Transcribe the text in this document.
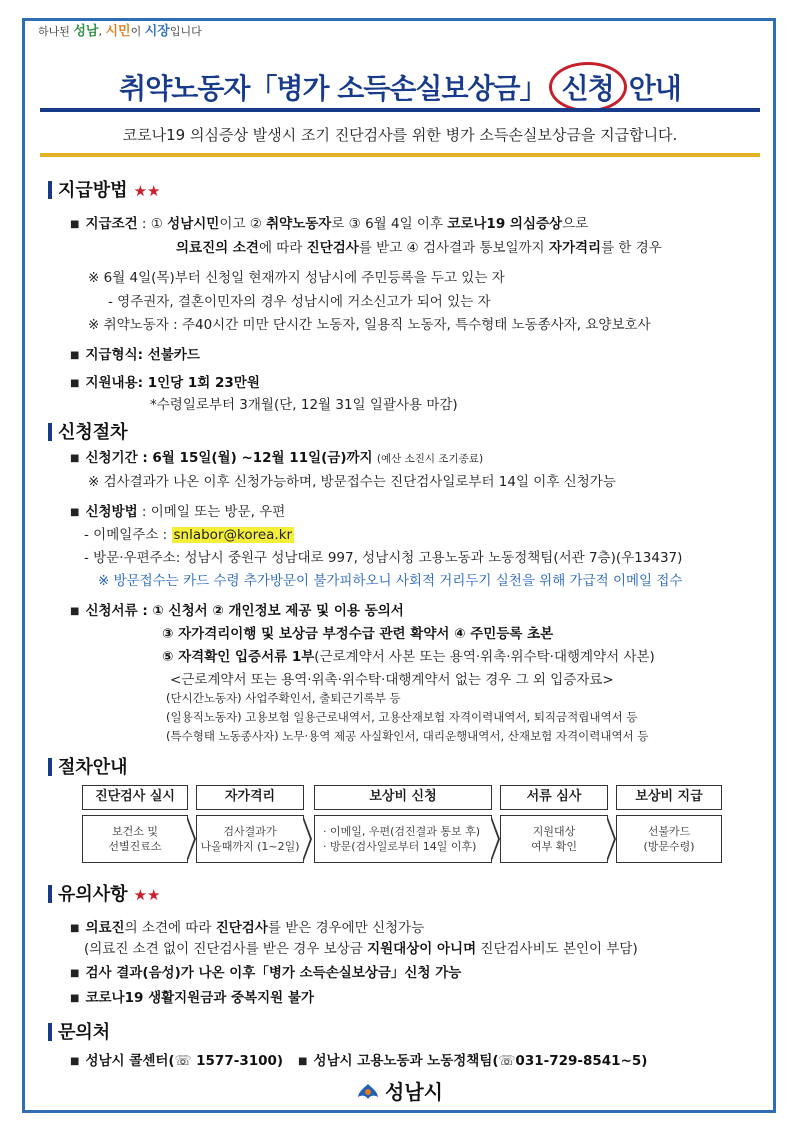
하나된 성남, 시민이 시장입니다
취약노동자「병가 소득손실보상금」 신청 안내
코로나19 의심증상 발생시 조기 진단검사를 위한 병가 소득손실보상금을 지급합니다.
지급방법 ★★
■ 지급조건 : ① 성남시민이고 ② 취약노동자로 ③ 6월 4일 이후 코로나19 의심증상으로
의료진의 소견에 따라 진단검사를 받고 ④ 검사결과 통보일까지 자가격리를 한 경우
※ 6월 4일(목)부터 신청일 현재까지 성남시에 주민등록을 두고 있는 자
- 영주권자, 결혼이민자의 경우 성남시에 거소신고가 되어 있는 자
※ 취약노동자 : 주40시간 미만 단시간 노동자, 일용직 노동자, 특수형태 노동종사자, 요양보호사
■ 지급형식: 선불카드
■ 지원내용: 1인당 1회 23만원
*수령일로부터 3개월(단, 12월 31일 일괄사용 마감)
신청절차
■ 신청기간 : 6월 15일(월) ~12월 11일(금)까지 (예산 소진시 조기종료)
※ 검사결과가 나온 이후 신청가능하며, 방문접수는 진단검사일로부터 14일 이후 신청가능
■ 신청방법 : 이메일 또는 방문, 우편
- 이메일주소 : snlabor@korea.kr
- 방문·우편주소: 성남시 중원구 성남대로 997, 성남시청 고용노동과 노동정책팀(서관 7층)(우13437)
※ 방문접수는 카드 수령 추가방문이 불가피하오니 사회적 거리두기 실천을 위해 가급적 이메일 접수
■ 신청서류 : ① 신청서 ② 개인정보 제공 및 이용 동의서
③ 자가격리이행 및 보상금 부정수급 관련 확약서 ④ 주민등록 초본
⑤ 자격확인 입증서류 1부(근로계약서 사본 또는 용역·위촉·위수탁·대행계약서 사본)
<근로계약서 또는 용역·위촉·위수탁·대행계약서 없는 경우 그 외 입증자료>
(단시간노동자) 사업주확인서, 출퇴근기록부 등
(일용직노동자) 고용보험 일용근로내역서, 고용산재보험 자격이력내역서, 퇴직금적립내역서 등
(특수형태 노동종사자) 노무·용역 제공 사실확인서, 대리운행내역서, 산재보험 자격이력내역서 등
절차안내
진단검사 실시	자가격리	보상비 신청	서류 심사	보상비 지급
보건소 및
선별진료소
검사결과가
나올때까지 (1~2일)
· 이메일, 우편(검진결과 통보 후)
· 방문(검사일로부터 14일 이후)
지원대상
여부 확인
선불카드
(방문수령)
유의사항 ★★
■ 의료진의 소견에 따라 진단검사를 받은 경우에만 신청가능
(의료진 소견 없이 진단검사를 받은 경우 보상금 지원대상이 아니며 진단검사비도 본인이 부담)
■ 검사 결과(음성)가 나온 이후「병가 소득손실보상금」신청 가능
■ 코로나19 생활지원금과 중복지원 불가
문의처
■ 성남시 콜센터(☏ 1577-3100)
■	성남시 고용노동과 노동정책팀(☏031-729-8541~5)
성남시
